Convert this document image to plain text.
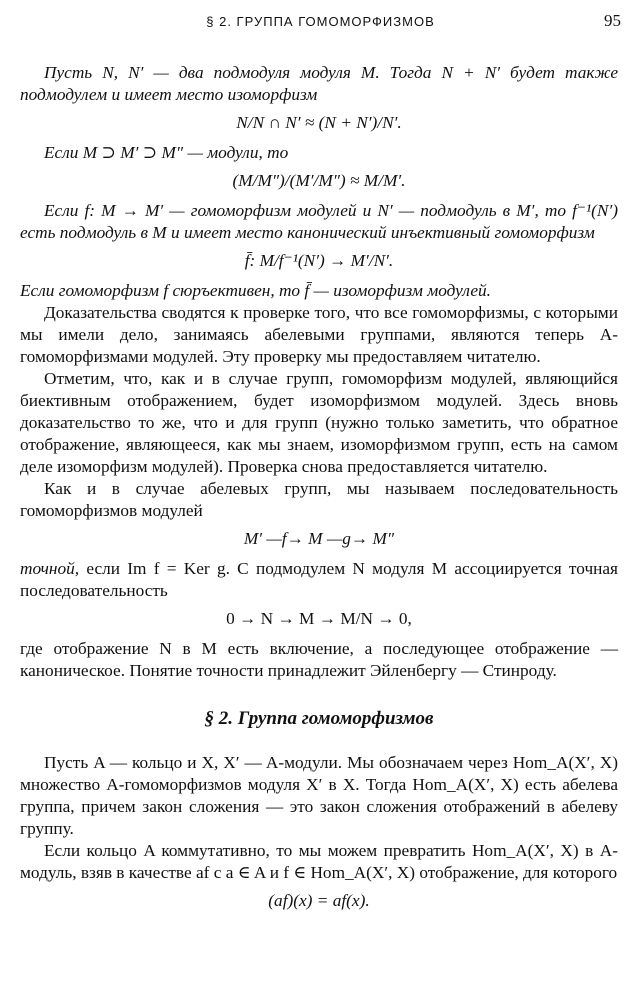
§ 2. ГРУППА ГОМОМОРФИЗМОВ	95

Пусть N, N′ — два подмодуля модуля M. Тогда N + N′ будет также подмодулем и имеет место изоморфизм

N/N ∩ N′ ≈ (N + N′)/N′.

Если M ⊃ M′ ⊃ M″ — модули, то

(M/M″)/(M′/M″) ≈ M/M′.

Если f: M → M′ — гомоморфизм модулей и N′ — подмодуль в M′, то f⁻¹(N′) есть подмодуль в M и имеет место канонический инъективный гомоморфизм

f̄: M/f⁻¹(N′) → M′/N′.

Если гомоморфизм f сюръективен, то f̄ — изоморфизм модулей.

Доказательства сводятся к проверке того, что все гомоморфизмы, с которыми мы имели дело, занимаясь абелевыми группами, являются теперь A-гомоморфизмами модулей. Эту проверку мы предоставляем читателю.

Отметим, что, как и в случае групп, гомоморфизм модулей, являющийся биективным отображением, будет изоморфизмом модулей. Здесь вновь доказательство то же, что и для групп (нужно только заметить, что обратное отображение, являющееся, как мы знаем, изоморфизмом групп, есть на самом деле изоморфизм модулей). Проверка снова предоставляется читателю.

Как и в случае абелевых групп, мы называем последовательность гомоморфизмов модулей

M′ —f→ M —g→ M″

точной, если Im f = Ker g. С подмодулем N модуля M ассоциируется точная последовательность

0 → N → M → M/N → 0,

где отображение N в M есть включение, а последующее отображение — каноническое. Понятие точности принадлежит Эйленбергу — Стинроду.

§ 2. Группа гомоморфизмов

Пусть A — кольцо и X, X′ — A-модули. Мы обозначаем через Hom_A(X′, X) множество A-гомоморфизмов модуля X′ в X. Тогда Hom_A(X′, X) есть абелева группа, причем закон сложения — это закон сложения отображений в абелеву группу.

Если кольцо A коммутативно, то мы можем превратить Hom_A(X′, X) в A-модуль, взяв в качестве af с a ∈ A и f ∈ Hom_A(X′, X) отображение, для которого

(af)(x) = af(x).
